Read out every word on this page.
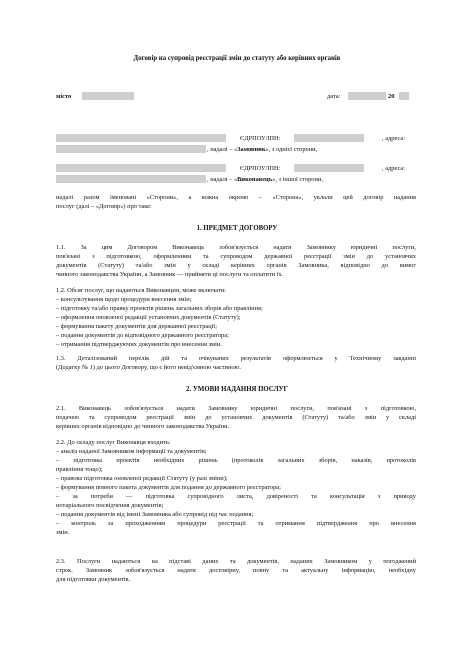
Договір на супровід реєстрації змін до статуту або керівних органів
місто	дата:	20
ЄДРПОУ/ІПН:	, адреса:
, надалі – «Замовник», з однієї сторони,
ЄДРПОУ/ІПН:	, адреса:
, надалі – «Виконавець», з іншої сторони,
надалі разом іменовані «Сторони», а кожна окремо – «Сторона», уклали цей договір надання
послуг (далі – «Договір») про таке:
1. ПРЕДМЕТ ДОГОВОРУ
1.1. За цим Договором Виконавець зобов'язується надати Замовнику юридичні послуги,
пов'язані з підготовкою, оформленням та супроводом державної реєстрації змін до установчих
документів (Статуту) та/або змін у складі керівних органів Замовника, відповідно до вимог
чинного законодавства України, а Замовник — прийняти ці послуги та оплатити їх.
1.2. Обсяг послуг, що надаються Виконавцем, може включати:
– консультування щодо процедури внесення змін;
– підготовку та/або правку проектів рішень загальних зборів або правління;
– оформлення оновленої редакції установчих документів (Статуту);
– формування пакету документів для державної реєстрації;
– подання документів до відповідного державного реєстратора;
– отримання підтверджуючих документів про внесення змін.
1.3. Деталізований перелік дій та очікуваних результатів оформлюється у Технічному завданні
(Додатку № 1) до цього Договору, що є його невід'ємною частиною.
2. УМОВИ НАДАННЯ ПОСЛУГ
2.1. Виконавець зобов'язується надати Замовнику юридичні послуги, пов'язані з підготовкою,
подачею та супроводом реєстрації змін до установчих документів (Статуту) та/або змін у складі
керівних органів відповідно до чинного законодавства України.
2.2. До складу послуг Виконавця входить:
– аналіз наданої Замовником інформації та документів;
– підготовка проектів необхідних рішень (протоколів загальних зборів, наказів, протоколів
правління тощо);
– правова підготовка оновленої редакції Статуту (у разі зміни);
– формування повного пакета документів для подання до державного реєстратора;
– за потреби — підготовка супровідного листа, довіреності та консультація з приводу
нотаріального посвідчення документів;
– подання документів від імені Замовника або супровід під час подання;
– контроль за проходженням процедури реєстрації та отримання підтвердження про внесення
змін.
2.3. Послуги надаються на підставі даних та документів, наданих Замовником у погоджений
строк. Замовник зобов'язується надати достовірну, повну та актуальну інформацію, необхідну
для підготовки документів.
